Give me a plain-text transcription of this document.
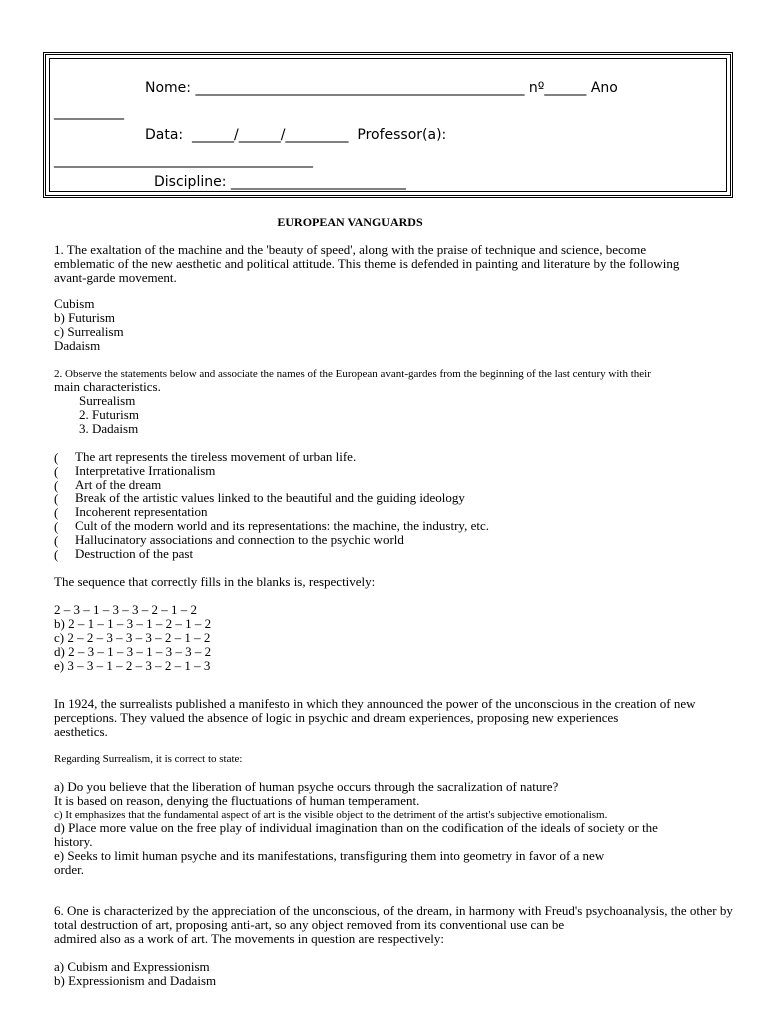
Nome: _______________________________________________ nº______ Ano
__________
Data:  ______/______/_________  Professor(a):
_____________________________________
Discipline: _________________________
EUROPEAN VANGUARDS
1. The exaltation of the machine and the 'beauty of speed', along with the praise of technique and science, become
emblematic of the new aesthetic and political attitude. This theme is defended in painting and literature by the following
avant-garde movement.
Cubism
b) Futurism
c) Surrealism
Dadaism
2. Observe the statements below and associate the names of the European avant-gardes from the beginning of the last century with their
main characteristics.
Surrealism
2. Futurism
3. Dadaism
( The art represents the tireless movement of urban life.
( Interpretative Irrationalism
( Art of the dream
( Break of the artistic values linked to the beautiful and the guiding ideology
( Incoherent representation
( Cult of the modern world and its representations: the machine, the industry, etc.
( Hallucinatory associations and connection to the psychic world
( Destruction of the past
The sequence that correctly fills in the blanks is, respectively:
2 – 3 – 1 – 3 – 3 – 2 – 1 – 2
b) 2 – 1 – 1 – 3 – 1 – 2 – 1 – 2
c) 2 – 2 – 3 – 3 – 3 – 2 – 1 – 2
d) 2 – 3 – 1 – 3 – 1 – 3 – 3 – 2
e) 3 – 3 – 1 – 2 – 3 – 2 – 1 – 3
In 1924, the surrealists published a manifesto in which they announced the power of the unconscious in the creation of new
perceptions. They valued the absence of logic in psychic and dream experiences, proposing new experiences
aesthetics.
Regarding Surrealism, it is correct to state:
a) Do you believe that the liberation of human psyche occurs through the sacralization of nature?
It is based on reason, denying the fluctuations of human temperament.
c) It emphasizes that the fundamental aspect of art is the visible object to the detriment of the artist's subjective emotionalism.
d) Place more value on the free play of individual imagination than on the codification of the ideals of society or the
history.
e) Seeks to limit human psyche and its manifestations, transfiguring them into geometry in favor of a new
order.
6. One is characterized by the appreciation of the unconscious, of the dream, in harmony with Freud's psychoanalysis, the other by
total destruction of art, proposing anti-art, so any object removed from its conventional use can be
admired also as a work of art. The movements in question are respectively:
a) Cubism and Expressionism
b) Expressionism and Dadaism
